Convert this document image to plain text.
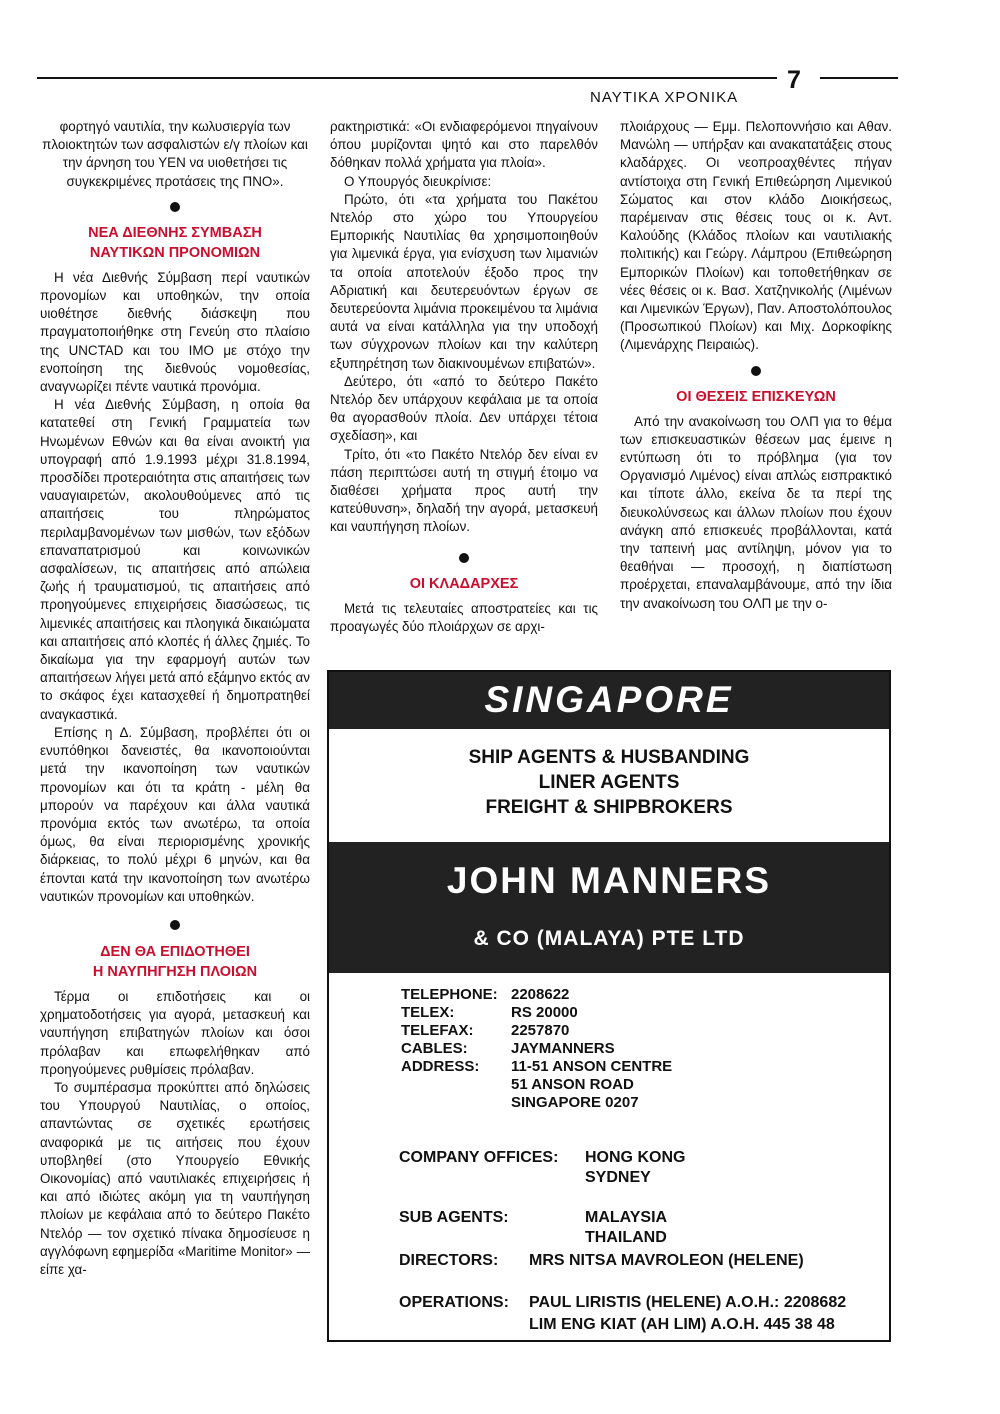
7
ΝΑΥΤΙΚΑ ΧΡΟΝΙΚΑ

φορτηγό ναυτιλία, την κωλυσιεργία των πλοιοκτητών των ασφαλιστών ε/γ πλοίων και την άρνηση του ΥΕΝ να υιοθετήσει τις συγκεκριμένες προτάσεις της ΠΝΟ».

ΝΕΑ ΔΙΕΘΝΗΣ ΣΥΜΒΑΣΗ
ΝΑΥΤΙΚΩΝ ΠΡΟΝΟΜΙΩΝ

Η νέα Διεθνής Σύμβαση περί ναυτικών προνομίων και υποθηκών, την οποία υιοθέτησε διεθνής διάσκεψη που πραγματοποιήθηκε στη Γενεύη στο πλαίσιο της UNCTAD και του IMO με στόχο την ενοποίηση της διεθνούς νομοθεσίας, αναγνωρίζει πέντε ναυτικά προνόμια.

Η νέα Διεθνής Σύμβαση, η οποία θα κατατεθεί στη Γενική Γραμματεία των Ηνωμένων Εθνών και θα είναι ανοικτή για υπογραφή από 1.9.1993 μέχρι 31.8.1994, προσδίδει προτεραιότητα στις απαιτήσεις των ναυαγιαιρετών, ακολουθούμενες από τις απαιτήσεις του πληρώματος περιλαμβανομένων των μισθών, των εξόδων επαναπατρισμού και κοινωνικών ασφαλίσεων, τις απαιτήσεις από απώλεια ζωής ή τραυματισμού, τις απαιτήσεις από προηγούμενες επιχειρήσεις διασώσεως, τις λιμενικές απαιτήσεις και πλοηγικά δικαιώματα και απαιτήσεις από κλοπές ή άλλες ζημιές. Το δικαίωμα για την εφαρμογή αυτών των απαιτήσεων λήγει μετά από εξάμηνο εκτός αν το σκάφος έχει κατασχεθεί ή δημοπρατηθεί αναγκαστικά.

Επίσης η Δ. Σύμβαση, προβλέπει ότι οι ενυπόθηκοι δανειστές, θα ικανοποιούνται μετά την ικανοποίηση των ναυτικών προνομίων και ότι τα κράτη - μέλη θα μπορούν να παρέχουν και άλλα ναυτικά προνόμια εκτός των ανωτέρω, τα οποία όμως, θα είναι περιορισμένης χρονικής διάρκειας, το πολύ μέχρι 6 μηνών, και θα έπονται κατά την ικανοποίηση των ανωτέρω ναυτικών προνομίων και υποθηκών.

ΔΕΝ ΘΑ ΕΠΙΔΟΤΗΘΕΙ
Η ΝΑΥΠΗΓΗΣΗ ΠΛΟΙΩΝ

Τέρμα οι επιδοτήσεις και οι χρηματοδοτήσεις για αγορά, μετασκευή και ναυπήγηση επιβατηγών πλοίων και όσοι πρόλαβαν και επωφελήθηκαν από προηγούμενες ρυθμίσεις πρόλαβαν.

Το συμπέρασμα προκύπτει από δηλώσεις του Υπουργού Ναυτιλίας, ο οποίος, απαντώντας σε σχετικές ερωτήσεις αναφορικά με τις αιτήσεις που έχουν υποβληθεί (στο Υπουργείο Εθνικής Οικονομίας) από ναυτιλιακές επιχειρήσεις ή και από ιδιώτες ακόμη για τη ναυπήγηση πλοίων με κεφάλαια από το δεύτερο Πακέτο Ντελόρ — τον σχετικό πίνακα δημοσίευσε η αγγλόφωνη εφημερίδα «Maritime Monitor» — είπε χα-

ρακτηριστικά: «Οι ενδιαφερόμενοι πηγαίνουν όπου μυρίζονται ψητό και στο παρελθόν δόθηκαν πολλά χρήματα για πλοία».

Ο Υπουργός διευκρίνισε:

Πρώτο, ότι «τα χρήματα του Πακέτου Ντελόρ στο χώρο του Υπουργείου Εμπορικής Ναυτιλίας θα χρησιμοποιηθούν για λιμενικά έργα, για ενίσχυση των λιμανιών τα οποία αποτελούν έξοδο προς την Αδριατική και δευτερευόντων έργων σε δευτερεύοντα λιμάνια προκειμένου τα λιμάνια αυτά να είναι κατάλληλα για την υποδοχή των σύγχρονων πλοίων και την καλύτερη εξυπηρέτηση των διακινουμένων επιβατών».

Δεύτερο, ότι «από το δεύτερο Πακέτο Ντελόρ δεν υπάρχουν κεφάλαια με τα οποία θα αγορασθούν πλοία. Δεν υπάρχει τέτοια σχεδίαση», και

Τρίτο, ότι «το Πακέτο Ντελόρ δεν είναι εν πάση περιπτώσει αυτή τη στιγμή έτοιμο να διαθέσει χρήματα προς αυτή την κατεύθυνση», δηλαδή την αγορά, μετασκευή και ναυπήγηση πλοίων.

ΟΙ ΚΛΑΔΑΡΧΕΣ

Μετά τις τελευταίες αποστρατείες και τις προαγωγές δύο πλοιάρχων σε αρχι-

πλοιάρχους — Εμμ. Πελοποννήσιο και Αθαν. Μανώλη — υπήρξαν και ανακατατάξεις στους κλαδάρχες. Οι νεοπροαχθέντες πήγαν αντίστοιχα στη Γενική Επιθεώρηση Λιμενικού Σώματος και στον κλάδο Διοικήσεως, παρέμειναν στις θέσεις τους οι κ. Αντ. Καλούδης (Κλάδος πλοίων και ναυτιλιακής πολιτικής) και Γεώργ. Λάμπρου (Επιθεώρηση Εμπορικών Πλοίων) και τοποθετήθηκαν σε νέες θέσεις οι κ. Βασ. Χατζηνικολής (Λιμένων και Λιμενικών Έργων), Παν. Αποστολόπουλος (Προσωπικού Πλοίων) και Μιχ. Δορκοφίκης (Λιμενάρχης Πειραιώς).

ΟΙ ΘΕΣΕΙΣ ΕΠΙΣΚΕΥΩΝ

Από την ανακοίνωση του ΟΛΠ για το θέμα των επισκευαστικών θέσεων μας έμεινε η εντύπωση ότι το πρόβλημα (για τον Οργανισμό Λιμένος) είναι απλώς εισπρακτικό και τίποτε άλλο, εκείνα δε τα περί της διευκολύνσεως και άλλων πλοίων που έχουν ανάγκη από επισκευές προβάλλονται, κατά την ταπεινή μας αντίληψη, μόνον για το θεαθήναι — προσοχή, η διαπίστωση προέρχεται, επαναλαμβάνουμε, από την ίδια την ανακοίνωση του ΟΛΠ με την ο-

SINGAPORE
SHIP AGENTS & HUSBANDING
LINER AGENTS
FREIGHT & SHIPBROKERS
JOHN MANNERS
& CO (MALAYA) PTE LTD
TELEPHONE: 2208622
TELEX:	RS 20000
TELEFAX: 2257870
CABLES:	JAYMANNERS
ADDRESS: 11-51 ANSON CENTRE
51 ANSON ROAD
SINGAPORE 0207
COMPANY OFFICES: HONG KONG
SYDNEY
SUB AGENTS:	MALAYSIA
THAILAND
DIRECTORS: MRS NITSA MAVROLEON (HELENE)
OPERATIONS: PAUL LIRISTIS (HELENE) A.O.H.: 2208682
LIM ENG KIAT (AH LIM) A.O.H. 445 38 48
